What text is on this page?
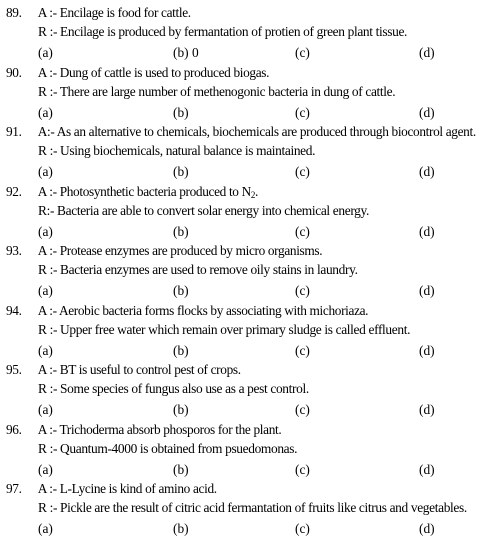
89.	A :- Encilage is food for cattle.
R :- Encilage is produced by fermantation of protien of green plant tissue.
(a)	(b) 0	(c)	(d)
90.	A :- Dung of cattle is used to produced biogas.
R :- There are large number of methenogonic bacteria in dung of cattle.
(a)	(b)	(c)	(d)
91.	A:- As an alternative to chemicals, biochemicals are produced through biocontrol agent.
R :- Using biochemicals, natural balance is maintained.
(a)	(b)	(c)	(d)
92.	A :- Photosynthetic bacteria produced to $N_2$.
R:- Bacteria are able to convert solar energy into chemical energy.
(a)	(b)	(c)	(d)
93.	A :- Protease enzymes are produced by micro organisms.
R :- Bacteria enzymes are used to remove oily stains in laundry.
(a)	(b)	(c)	(d)
94.	A :- Aerobic bacteria forms flocks by associating with michoriaza.
R :- Upper free water which remain over primary sludge is called effluent.
(a)	(b)	(c)	(d)
95.	A :- BT is useful to control pest of crops.
R :- Some species of fungus also use as a pest control.
(a)	(b)	(c)	(d)
96.	A :- Trichoderma absorb phosporos for the plant.
R :- Quantum-4000 is obtained from psuedomonas.
(a)	(b)	(c)	(d)
97.	A :- L-Lycine is kind of amino acid.
R :- Pickle are the result of citric acid fermantation of fruits like citrus and vegetables.
(a)	(b)	(c)	(d)
